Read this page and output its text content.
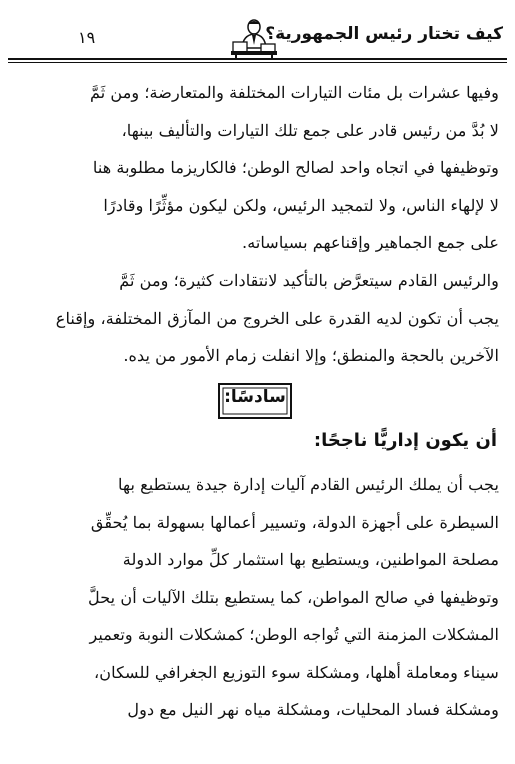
١٩	كيف تختار رئيس الجمهورية؟
وفيها عشرات بل مئات التيارات المختلفة والمتعارضة؛ ومن ثَمَّ
لا بُدَّ من رئيس قادر على جمع تلك التيارات والتأليف بينها،
وتوظيفها في اتجاه واحد لصالح الوطن؛ فالكاريزما مطلوبة هنا
لا لإلهاء الناس، ولا لتمجيد الرئيس، ولكن ليكون مؤثِّرًا وقادرًا
على جمع الجماهير وإقناعهم بسياساته.
والرئيس القادم سيتعرَّض بالتأكيد لانتقادات كثيرة؛ ومن ثَمَّ
يجب أن تكون لديه القدرة على الخروج من المآزق المختلفة، وإقناع
الآخرين بالحجة والمنطق؛ وإلا انفلت زمام الأمور من يده.
سادسًا:
أن يكون إداريًّا ناجحًا:
يجب أن يملك الرئيس القادم آليات إدارة جيدة يستطيع بها
السيطرة على أجهزة الدولة، وتسيير أعمالها بسهولة بما يُحقِّق
مصلحة المواطنين، ويستطيع بها استثمار كلِّ موارد الدولة
وتوظيفها في صالح المواطن، كما يستطيع بتلك الآليات أن يحلَّ
المشكلات المزمنة التي تُواجه الوطن؛ كمشكلات النوبة وتعمير
سيناء ومعاملة أهلها، ومشكلة سوء التوزيع الجغرافي للسكان،
ومشكلة فساد المحليات، ومشكلة مياه نهر النيل مع دول
